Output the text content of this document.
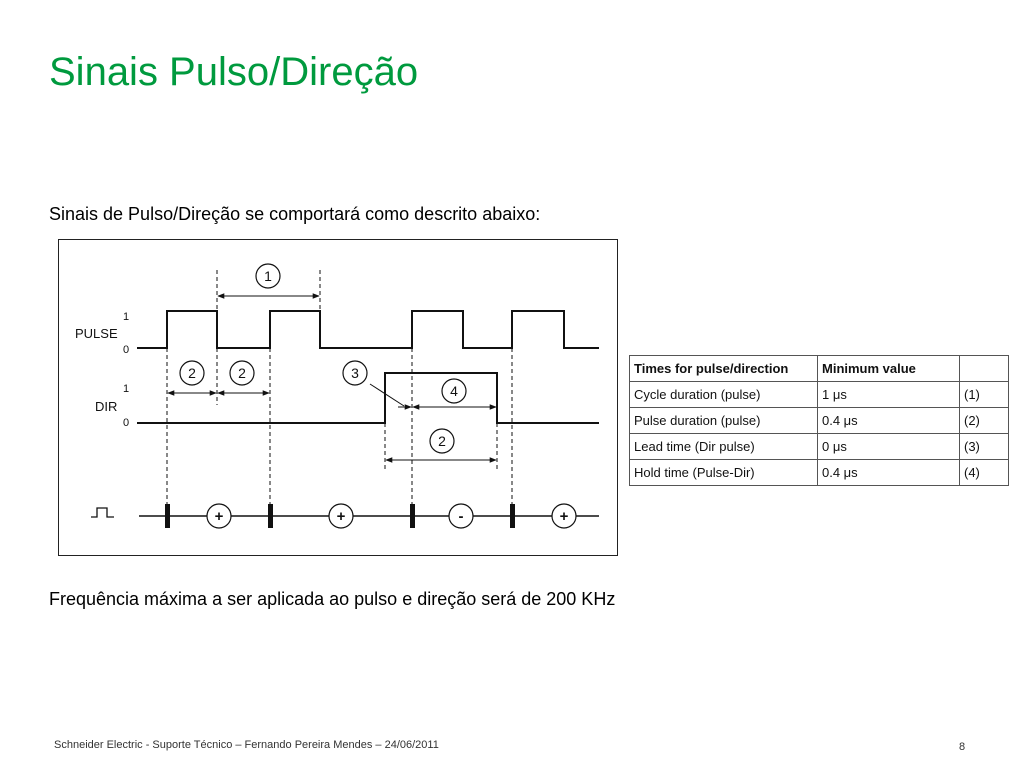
Sinais Pulso/Direção

Sinais de Pulso/Direção se comportará como descrito abaixo:

PULSE
1
0
DIR
1
0
1
2	2	3
4
2
+	+	-	+
Times for pulse/direction	Minimum value	
Cycle duration (pulse)	1 μs	(1)
Pulse duration (pulse)	0.4 μs	(2)
Lead time (Dir pulse)	0 μs	(3)
Hold time (Pulse-Dir)	0.4 μs	(4)

Frequência máxima a ser aplicada ao pulso e direção será de 200 KHz

Schneider Electric - Suporte Técnico – Fernando Pereira Mendes – 24/06/2011	8
